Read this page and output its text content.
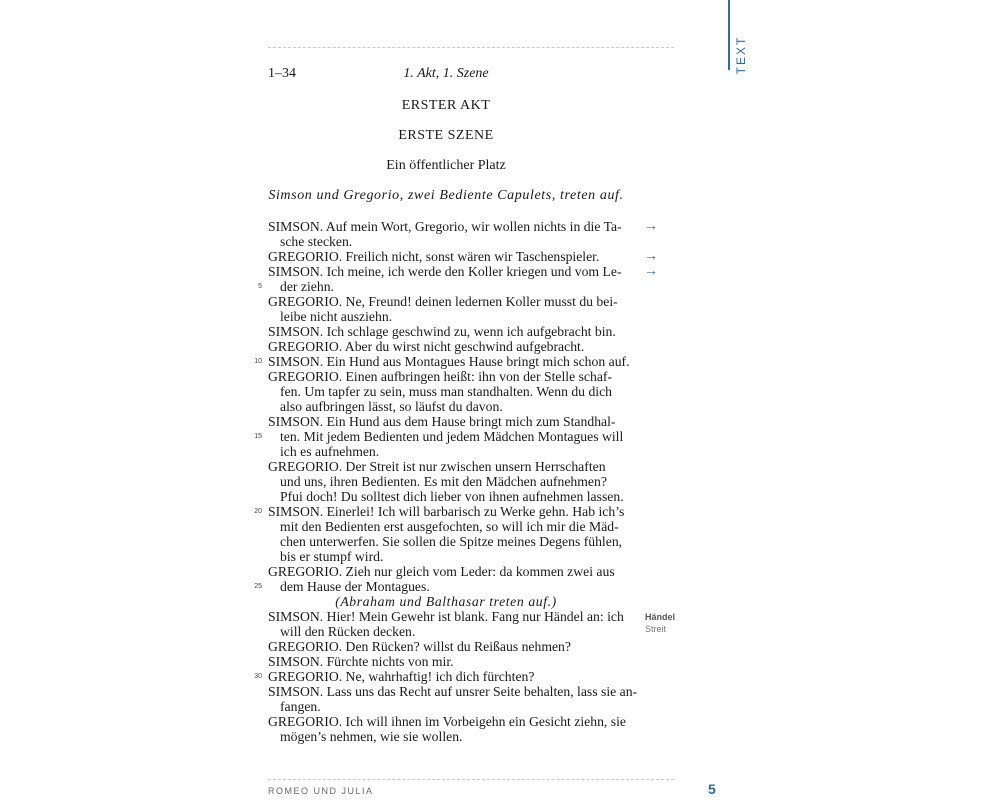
TEXT
1–34	1. Akt, 1. Szene
ERSTER AKT
ERSTE SZENE
Ein öffentlicher Platz
Simson und Gregorio, zwei Bediente Capulets, treten auf.
SIMSON. Auf mein Wort, Gregorio, wir wollen nichts in die Ta-
sche stecken.
GREGORIO. Freilich nicht, sonst wären wir Taschenspieler.
SIMSON. Ich meine, ich werde den Koller kriegen und vom Le-
5 der ziehn.
GREGORIO. Ne, Freund! deinen ledernen Koller musst du bei-
leibe nicht ausziehn.
SIMSON. Ich schlage geschwind zu, wenn ich aufgebracht bin.
GREGORIO. Aber du wirst nicht geschwind aufgebracht.
10 SIMSON. Ein Hund aus Montagues Hause bringt mich schon auf.
GREGORIO. Einen aufbringen heißt: ihn von der Stelle schaf-
fen. Um tapfer zu sein, muss man standhalten. Wenn du dich
also aufbringen lässt, so läufst du davon.
SIMSON. Ein Hund aus dem Hause bringt mich zum Standhal-
15 ten. Mit jedem Bedienten und jedem Mädchen Montagues will
ich es aufnehmen.
GREGORIO. Der Streit ist nur zwischen unsern Herrschaften
und uns, ihren Bedienten. Es mit den Mädchen aufnehmen?
Pfui doch! Du solltest dich lieber von ihnen aufnehmen lassen.
20 SIMSON. Einerlei! Ich will barbarisch zu Werke gehn. Hab ich’s
mit den Bedienten erst ausgefochten, so will ich mir die Mäd-
chen unterwerfen. Sie sollen die Spitze meines Degens fühlen,
bis er stumpf wird.
GREGORIO. Zieh nur gleich vom Leder: da kommen zwei aus
25 dem Hause der Montagues.
(Abraham und Balthasar treten auf.)
SIMSON. Hier! Mein Gewehr ist blank. Fang nur Händel an: ich
will den Rücken decken.
GREGORIO. Den Rücken? willst du Reißaus nehmen?
SIMSON. Fürchte nichts von mir.
30 GREGORIO. Ne, wahrhaftig! ich dich fürchten?
SIMSON. Lass uns das Recht auf unsrer Seite behalten, lass sie an-
fangen.
GREGORIO. Ich will ihnen im Vorbeigehn ein Gesicht ziehn, sie
mögen’s nehmen, wie sie wollen.
→
→
→
Händel
Streit
ROMEO UND JULIA	5
